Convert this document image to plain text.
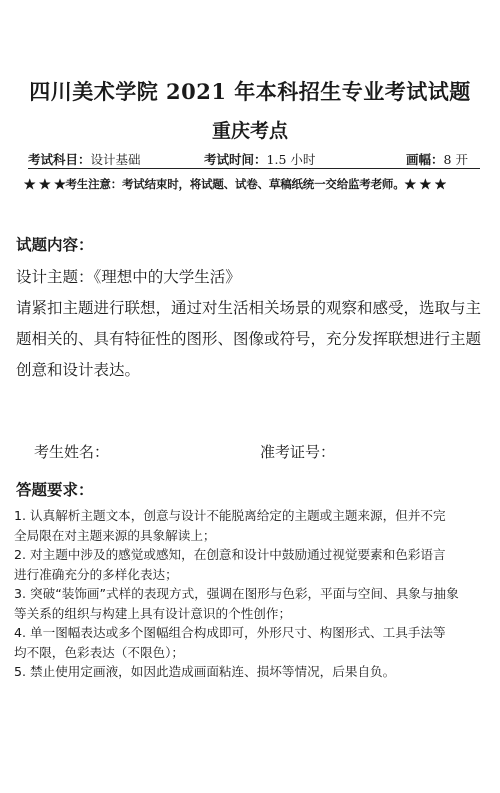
四川美术学院 2021 年本科招生专业考试试题
重庆考点
考试科目：设计基础	考试时间：1.5 小时	画幅：8 开
★ ★ ★考生注意：考试结束时，将试题、试卷、草稿纸统一交给监考老师。★ ★ ★
试题内容：
设计主题：《理想中的大学生活》
请紧扣主题进行联想，通过对生活相关场景的观察和感受，选取与主
题相关的、具有特征性的图形、图像或符号，充分发挥联想进行主题
创意和设计表达。
考生姓名：	准考证号：
答题要求：

1. 认真解析主题文本，创意与设计不能脱离给定的主题或主题来源，但并不完

全局限在对主题来源的具象解读上；

2. 对主题中涉及的感觉或感知，在创意和设计中鼓励通过视觉要素和色彩语言

进行准确充分的多样化表达；

3. 突破“装饰画”式样的表现方式，强调在图形与色彩，平面与空间、具象与抽象

等关系的组织与构建上具有设计意识的个性创作；

4. 单一图幅表达或多个图幅组合构成即可，外形尺寸、构图形式、工具手法等

均不限，色彩表达（不限色）；

5. 禁止使用定画液，如因此造成画面粘连、损坏等情况，后果自负。
